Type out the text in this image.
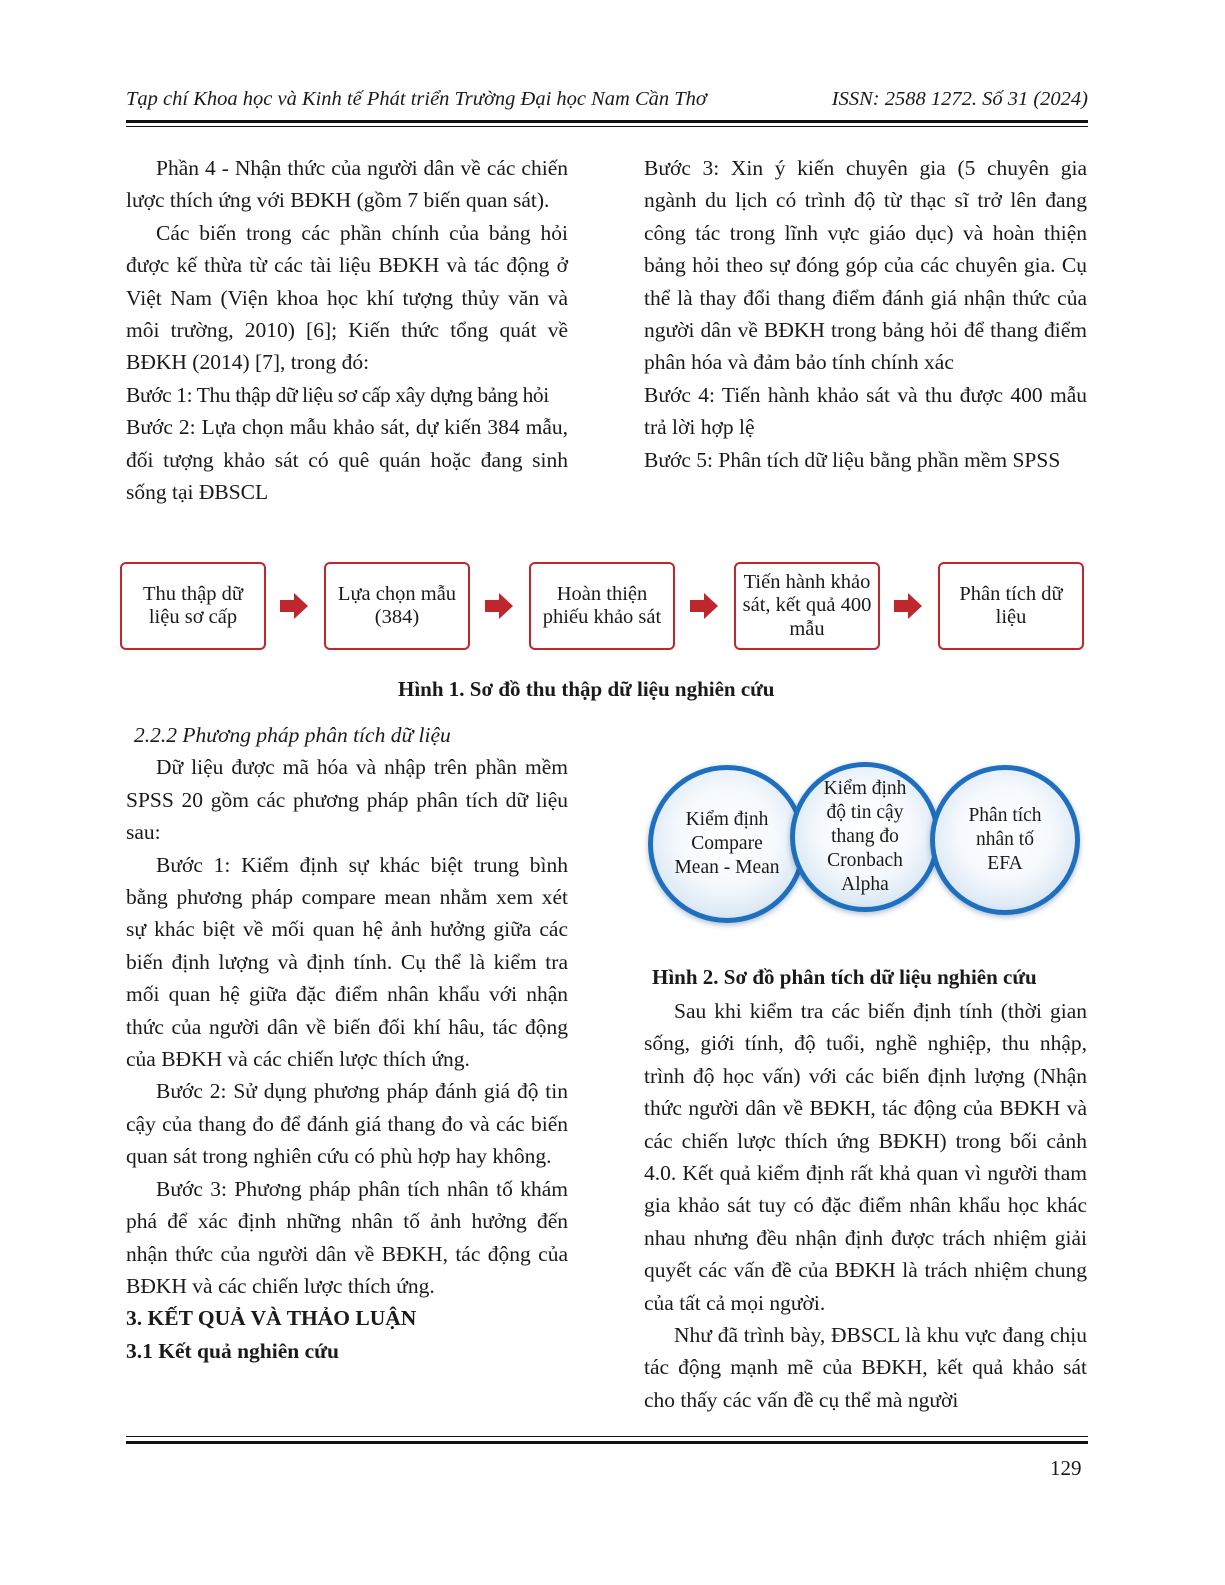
Tạp chí Khoa học và Kinh tế Phát triển Trường Đại học Nam Cần Thơ	ISSN: 2588 1272. Số 31 (2024)

Phần 4 - Nhận thức của người dân về các chiến lược thích ứng với BĐKH (gồm 7 biến quan sát).

Các biến trong các phần chính của bảng hỏi được kế thừa từ các tài liệu BĐKH và tác động ở Việt Nam (Viện khoa học khí tượng thủy văn và môi trường, 2010) [6]; Kiến thức tổng quát về BĐKH (2014) [7], trong đó:

Bước 1: Thu thập dữ liệu sơ cấp xây dựng bảng hỏi

Bước 2: Lựa chọn mẫu khảo sát, dự kiến 384 mẫu, đối tượng khảo sát có quê quán hoặc đang sinh sống tại ĐBSCL

Bước 3: Xin ý kiến chuyên gia (5 chuyên gia ngành du lịch có trình độ từ thạc sĩ trở lên đang công tác trong lĩnh vực giáo dục) và hoàn thiện bảng hỏi theo sự đóng góp của các chuyên gia. Cụ thể là thay đổi thang điểm đánh giá nhận thức của người dân về BĐKH trong bảng hỏi để thang điểm phân hóa và đảm bảo tính chính xác

Bước 4: Tiến hành khảo sát và thu được 400 mẫu trả lời hợp lệ

Bước 5: Phân tích dữ liệu bằng phần mềm SPSS

Thu thập dữ liệu sơ cấp
Lựa chọn mẫu (384)
Hoàn thiện phiếu khảo sát
Tiến hành khảo sát, kết quả 400 mẫu
Phân tích dữ liệu
Hình 1. Sơ đồ thu thập dữ liệu nghiên cứu

2.2.2 Phương pháp phân tích dữ liệu

Dữ liệu được mã hóa và nhập trên phần mềm SPSS 20 gồm các phương pháp phân tích dữ liệu sau:

Bước 1: Kiểm định sự khác biệt trung bình bằng phương pháp compare mean nhằm xem xét sự khác biệt về mối quan hệ ảnh hưởng giữa các biến định lượng và định tính. Cụ thể là kiểm tra mối quan hệ giữa đặc điểm nhân khẩu với nhận thức của người dân về biến đối khí hâu, tác động của BĐKH và các chiến lược thích ứng.

Bước 2: Sử dụng phương pháp đánh giá độ tin cậy của thang đo để đánh giá thang đo và các biến quan sát trong nghiên cứu có phù hợp hay không.

Bước 3: Phương pháp phân tích nhân tố khám phá để xác định những nhân tố ảnh hưởng đến nhận thức của người dân về BĐKH, tác động của BĐKH và các chiến lược thích ứng.

3. KẾT QUẢ VÀ THẢO LUẬN

3.1 Kết quả nghiên cứu

Kiểm định Compare Mean - Mean
Kiểm định độ tin cậy thang đo Cronbach Alpha
Phân tích nhân tố EFA
Hình 2. Sơ đồ phân tích dữ liệu nghiên cứu

Sau khi kiểm tra các biến định tính (thời gian sống, giới tính, độ tuổi, nghề nghiệp, thu nhập, trình độ học vấn) với các biến định lượng (Nhận thức người dân về BĐKH, tác động của BĐKH và các chiến lược thích ứng BĐKH) trong bối cảnh 4.0. Kết quả kiểm định rất khả quan vì người tham gia khảo sát tuy có đặc điểm nhân khẩu học khác nhau nhưng đều nhận định được trách nhiệm giải quyết các vấn đề của BĐKH là trách nhiệm chung của tất cả mọi người.

Như đã trình bày, ĐBSCL là khu vực đang chịu tác động mạnh mẽ của BĐKH, kết quả khảo sát cho thấy các vấn đề cụ thể mà người

129
